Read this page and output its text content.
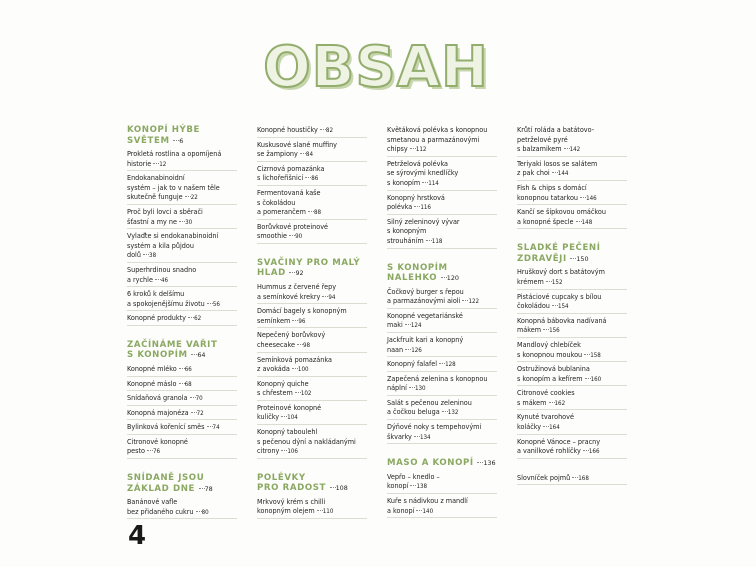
OBSAH
KONOPÍ HÝBE
SVĚTEM 6
Prokletá rostlina a opomíjená
historie 12
Endokanabinoidní
systém – jak to v našem těle
skutečně funguje 22
Proč byli lovci a sběrači
šťastní a my ne 30
Vylaďte si endokanabinoidní
systém a kila půjdou
dolů 38
Superhrdinou snadno
a rychle 46
6 kroků k delšímu
a spokojenějšímu životu 56
Konopné produkty 62
ZAČÍNÁME VAŘIT
S KONOPÍM 64
Konopné mléko 66
Konopné máslo 68
Snídaňová granola 70
Konopná majonéza 72
Bylinková kořenící směs 74
Citronové konopné
pesto 76
SNÍDANĚ JSOU
ZÁKLAD DNE 78
Banánové vafle
bez přidaného cukru 80
Konopné houstičky 82
Kuskusové slané muffiny
se žampiony 84
Cizrnová pomazánka
s lichořeřišnicí 86
Fermentovaná kaše
s čokoládou
a pomerančem 88
Borůvkové proteinové
smoothie 90
SVAČINY PRO MALÝ
HLAD 92
Hummus z červené řepy
a semínkové krekry 94
Domácí bagely s konopným
semínkem 96
Nepečený borůvkový
cheesecake 98
Semínková pomazánka
z avokáda 100
Konopný quiche
s chřestem 102
Proteinové konopné
kuličky 104
Konopný taboulehl
s pečenou dýní a nakládanými
citrony 106
POLÉVKY
PRO RADOST 108
Mrkvový krém s chilli
konopným olejem 110
Květáková polévka s konopnou
smetanou a parmazánovými
chipsy 112
Petrželová polévka
se sýrovými knedlíčky
s konopím 114
Konopný hrstková
polévka 116
Silný zeleninový vývar
s konopným
strouháním 118
S KONOPÍM
NALEHKO 120
Čočkový burger s řepou
a parmazánovými aioli 122
Konopné vegetariánské
maki 124
Jackfruit kari a konopný
naan 126
Konopný falafel 128
Zapečená zelenina s konopnou
náplní 130
Salát s pečenou zeleninou
a čočkou beluga 132
Dýňové noky s tempehovými
škvarky 134
MASO A KONOPÍ 136
Vepřo – knedlo –
konopí 138
Kuře s nádivkou z mandlí
a konopí 140
Krůtí roláda a batátovo-
petrželové pyré
s balzamikem 142
Teriyaki losos se salátem
z pak choi 144
Fish & chips s domácí
konopnou tatarkou 146
Kančí se šípkovou omáčkou
a konopné špecle 148
SLADKÉ PEČENÍ
ZDRAVĚJI 150
Hruškový dort s batátovým
krémem 152
Pistáciové cupcaky s bílou
čokoládou 154
Konopná bábovka nadívaná
mákem 156
Mandlový chlebíček
s konopnou moukou 158
Ostružinová bublanina
s konopím a kefírem 160
Citronové cookies
s mákem 162
Kynuté tvarohové
koláčky 164
Konopné Vánoce – pracny
a vanilkové rohlíčky 166
Slovníček pojmů 168
4
